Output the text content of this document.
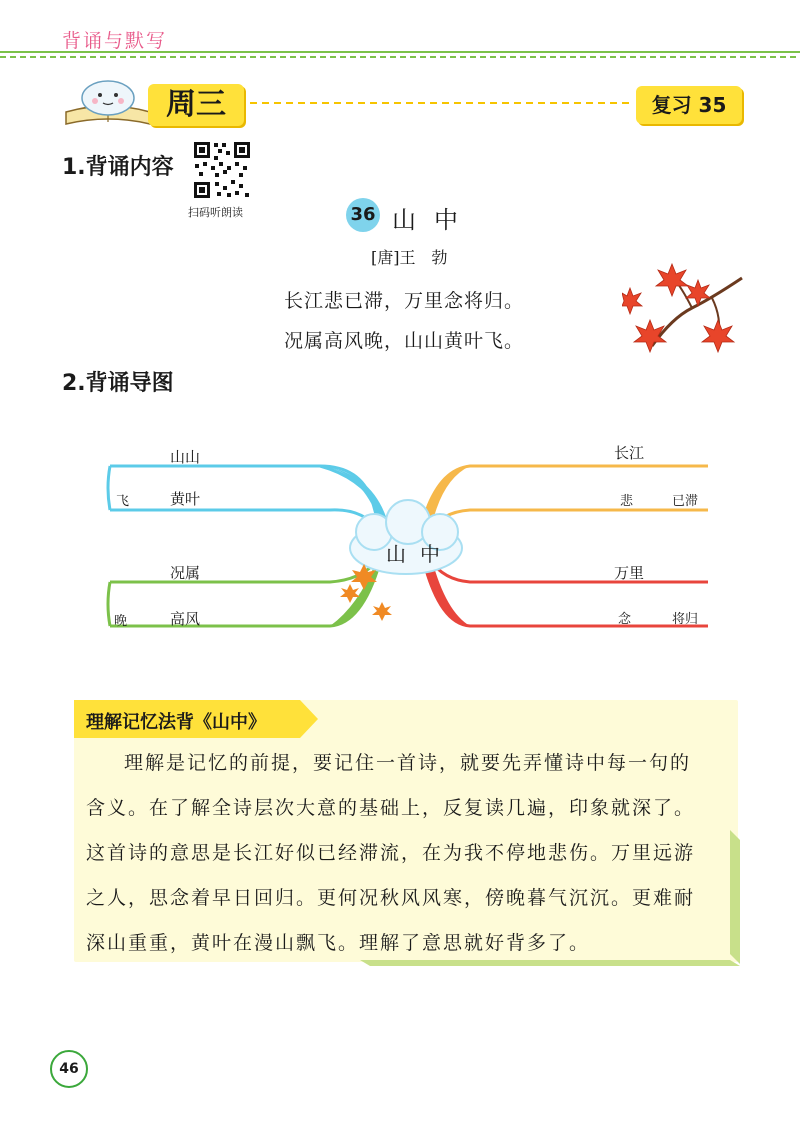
背诵与默写
周三	复习 35
1.背诵内容
扫码听朗读	36 山中
[唐]王　勃
长江悲已滞，万里念将归。
况属高风晚，山山黄叶飞。
2.背诵导图
山山
飞	黄叶
况属
晚	高风
长江
悲	已滞
万里
念	将归
山中
理解记忆法背《山中》
理解是记忆的前提，要记住一首诗，就要先弄懂诗中每一句的
含义。在了解全诗层次大意的基础上，反复读几遍，印象就深了。
这首诗的意思是长江好似已经滞流，在为我不停地悲伤。万里远游
之人，思念着早日回归。更何况秋风风寒，傍晚暮气沉沉。更难耐
深山重重，黄叶在漫山飘飞。理解了意思就好背多了。
46
